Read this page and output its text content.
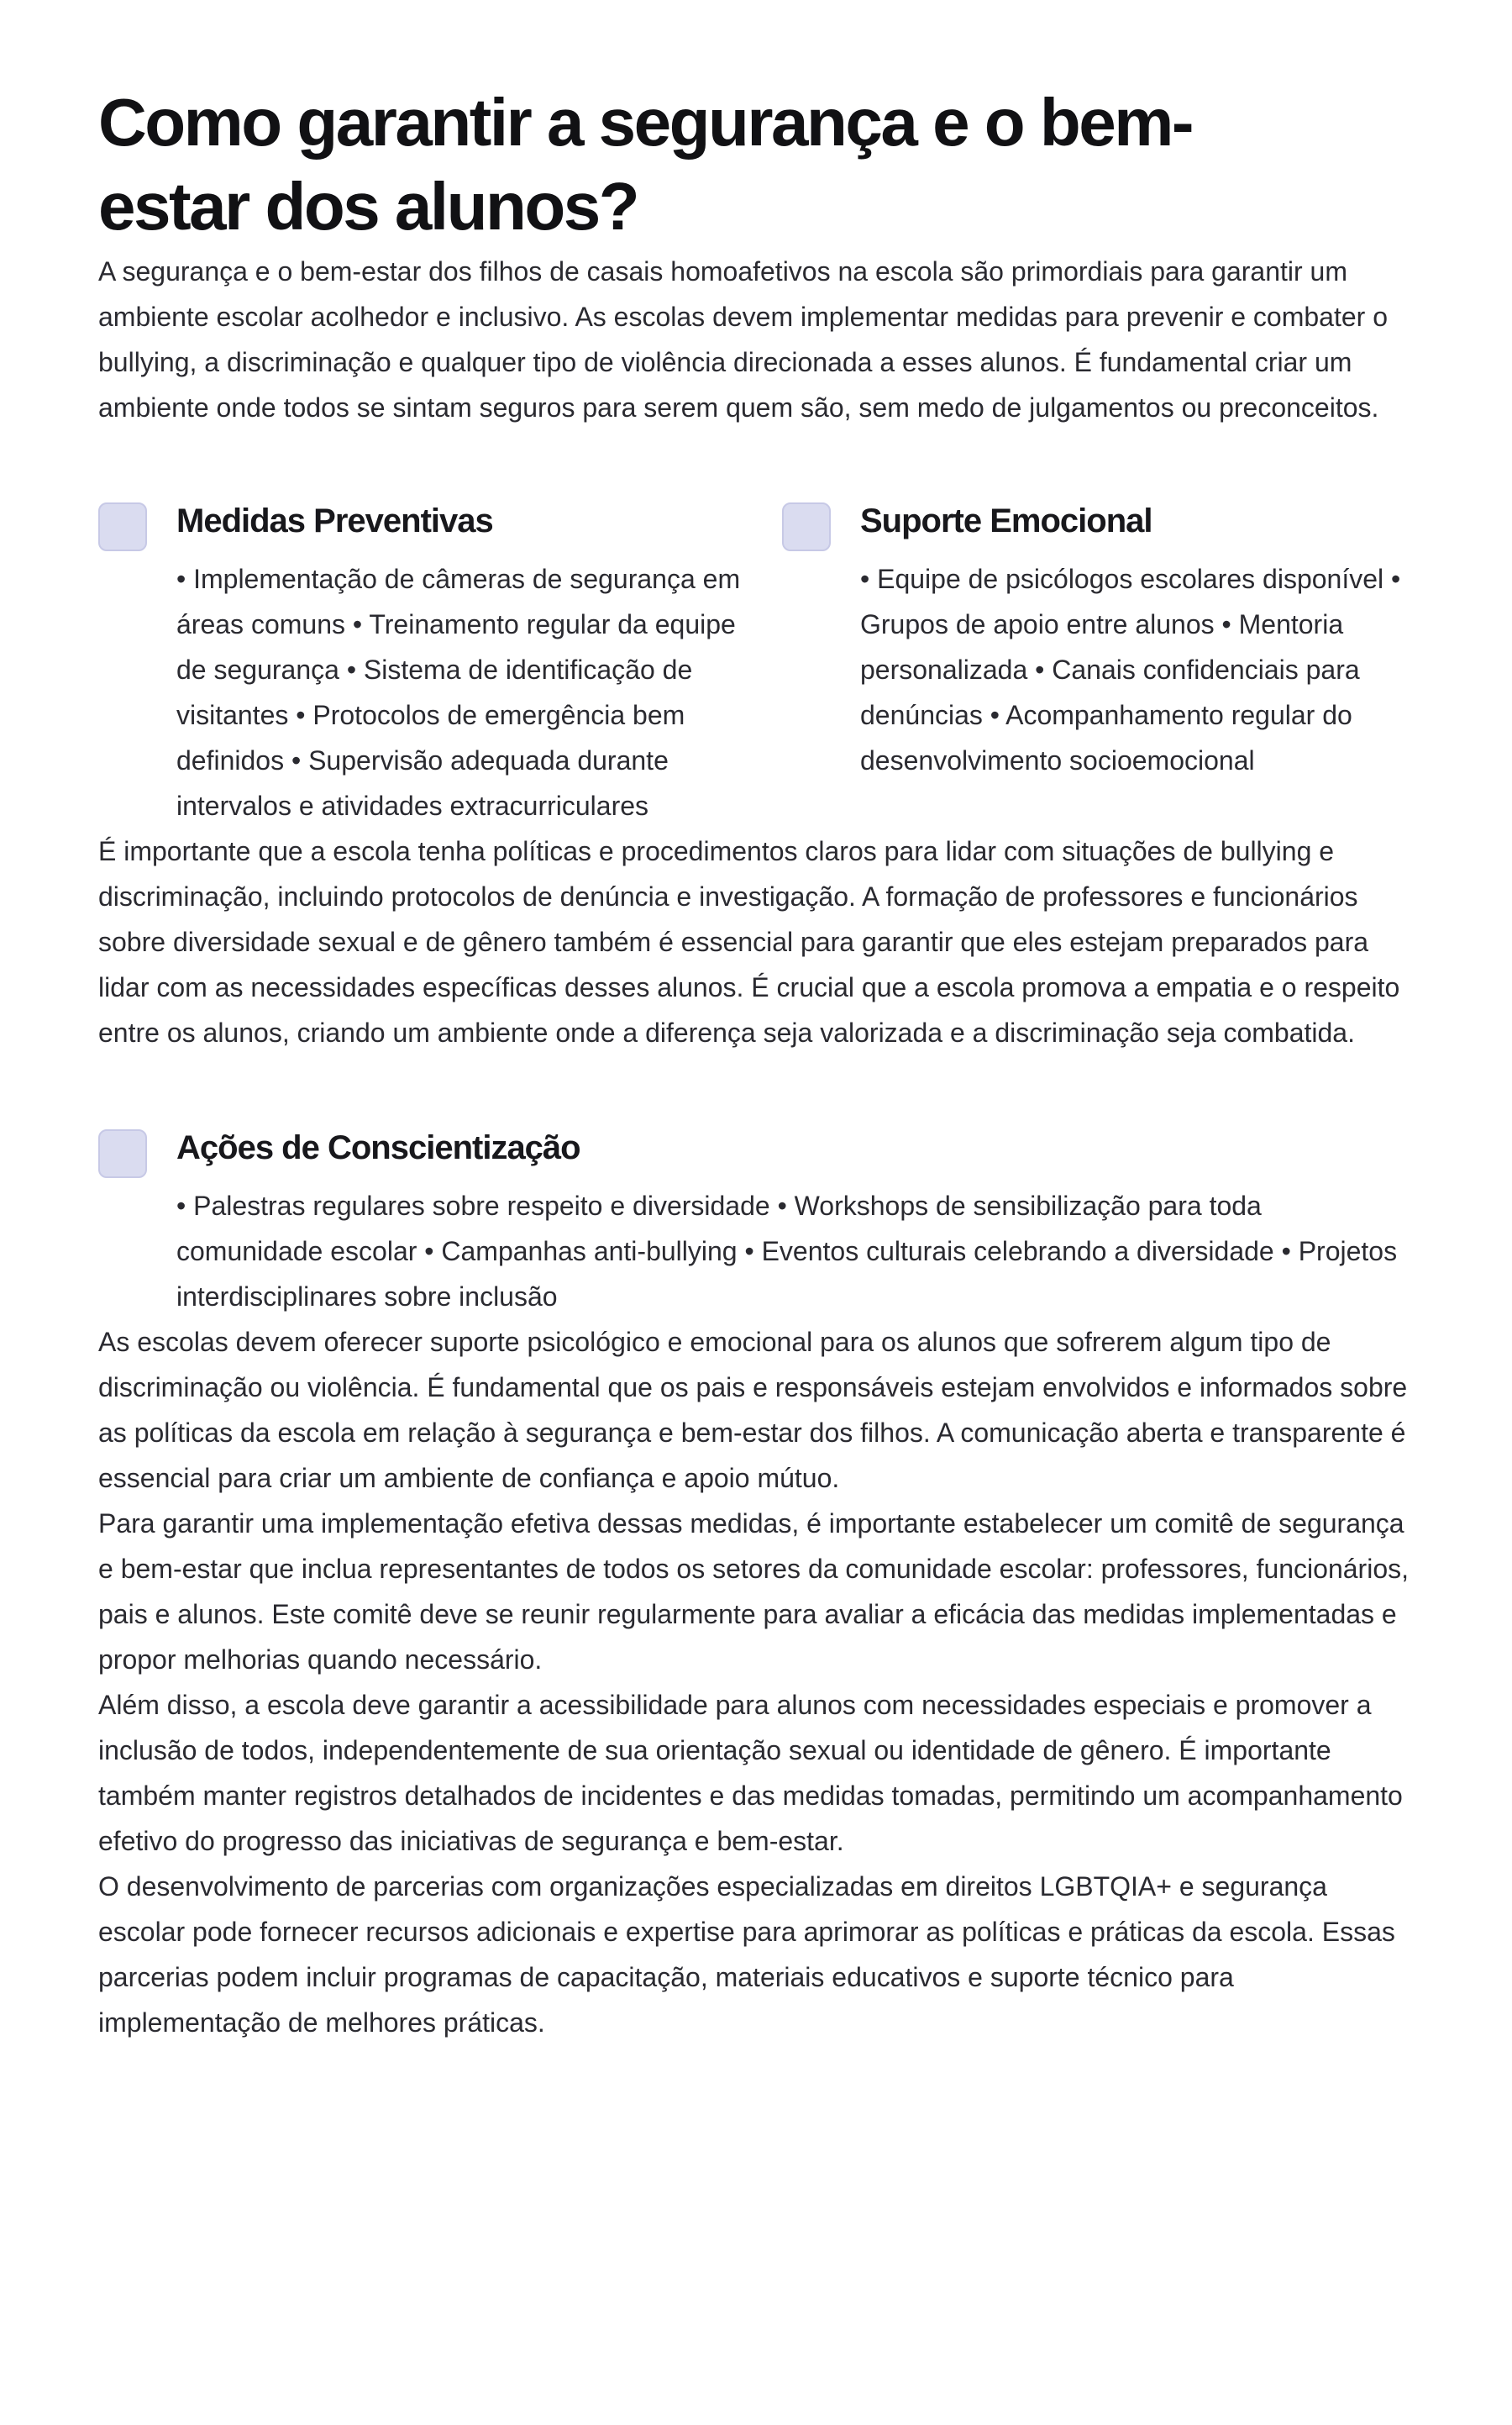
Como garantir a segurança e o bem-estar dos alunos?

A segurança e o bem-estar dos filhos de casais homoafetivos na escola são primordiais para garantir um ambiente escolar acolhedor e inclusivo. As escolas devem implementar medidas para prevenir e combater o bullying, a discriminação e qualquer tipo de violência direcionada a esses alunos. É fundamental criar um ambiente onde todos se sintam seguros para serem quem são, sem medo de julgamentos ou preconceitos.

Medidas Preventivas

• Implementação de câmeras de segurança em áreas comuns • Treinamento regular da equipe de segurança • Sistema de identificação de visitantes • Protocolos de emergência bem definidos • Supervisão adequada durante intervalos e atividades extracurriculares

Suporte Emocional

• Equipe de psicólogos escolares disponível • Grupos de apoio entre alunos • Mentoria personalizada • Canais confidenciais para denúncias • Acompanhamento regular do desenvolvimento socioemocional

É importante que a escola tenha políticas e procedimentos claros para lidar com situações de bullying e discriminação, incluindo protocolos de denúncia e investigação. A formação de professores e funcionários sobre diversidade sexual e de gênero também é essencial para garantir que eles estejam preparados para lidar com as necessidades específicas desses alunos. É crucial que a escola promova a empatia e o respeito entre os alunos, criando um ambiente onde a diferença seja valorizada e a discriminação seja combatida.

Ações de Conscientização

• Palestras regulares sobre respeito e diversidade • Workshops de sensibilização para toda comunidade escolar • Campanhas anti-bullying • Eventos culturais celebrando a diversidade • Projetos interdisciplinares sobre inclusão

As escolas devem oferecer suporte psicológico e emocional para os alunos que sofrerem algum tipo de discriminação ou violência. É fundamental que os pais e responsáveis estejam envolvidos e informados sobre as políticas da escola em relação à segurança e bem-estar dos filhos. A comunicação aberta e transparente é essencial para criar um ambiente de confiança e apoio mútuo.

Para garantir uma implementação efetiva dessas medidas, é importante estabelecer um comitê de segurança e bem-estar que inclua representantes de todos os setores da comunidade escolar: professores, funcionários, pais e alunos. Este comitê deve se reunir regularmente para avaliar a eficácia das medidas implementadas e propor melhorias quando necessário.

Além disso, a escola deve garantir a acessibilidade para alunos com necessidades especiais e promover a inclusão de todos, independentemente de sua orientação sexual ou identidade de gênero. É importante também manter registros detalhados de incidentes e das medidas tomadas, permitindo um acompanhamento efetivo do progresso das iniciativas de segurança e bem-estar.

O desenvolvimento de parcerias com organizações especializadas em direitos LGBTQIA+ e segurança escolar pode fornecer recursos adicionais e expertise para aprimorar as políticas e práticas da escola. Essas parcerias podem incluir programas de capacitação, materiais educativos e suporte técnico para implementação de melhores práticas.
